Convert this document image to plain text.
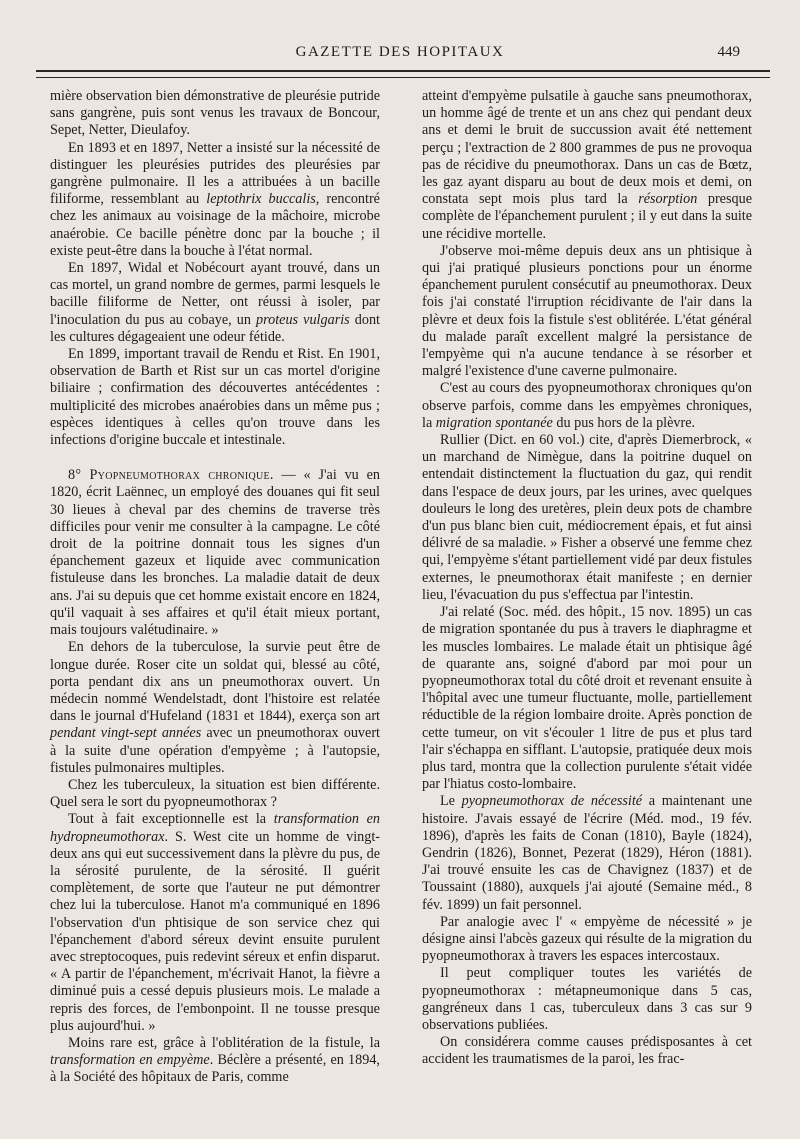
GAZETTE DES HOPITAUX	449

mière observation bien démonstrative de pleurésie putride sans gangrène, puis sont venus les travaux de Boncour, Sepet, Netter, Dieulafoy.

En 1893 et en 1897, Netter a insisté sur la nécessité de distinguer les pleurésies putrides des pleurésies par gangrène pulmonaire. Il les a attribuées à un bacille filiforme, ressemblant au leptothrix buccalis, rencontré chez les animaux au voisinage de la mâchoire, microbe anaérobie. Ce bacille pénètre donc par la bouche ; il existe peut-être dans la bouche à l'état normal.

En 1897, Widal et Nobécourt ayant trouvé, dans un cas mortel, un grand nombre de germes, parmi lesquels le bacille filiforme de Netter, ont réussi à isoler, par l'inoculation du pus au cobaye, un proteus vulgaris dont les cultures dégageaient une odeur fétide.

En 1899, important travail de Rendu et Rist. En 1901, observation de Barth et Rist sur un cas mortel d'origine biliaire ; confirmation des découvertes antécédentes : multiplicité des microbes anaérobies dans un même pus ; espèces identiques à celles qu'on trouve dans les infections d'origine buccale et intestinale.

8° Pyopneumothorax chronique. — « J'ai vu en 1820, écrit Laënnec, un employé des douanes qui fit seul 30 lieues à cheval par des chemins de traverse très difficiles pour venir me consulter à la campagne. Le côté droit de la poitrine donnait tous les signes d'un épanchement gazeux et liquide avec communication fistuleuse dans les bronches. La maladie datait de deux ans. J'ai su depuis que cet homme existait encore en 1824, qu'il vaquait à ses affaires et qu'il était mieux portant, mais toujours valétudinaire. »

En dehors de la tuberculose, la survie peut être de longue durée. Roser cite un soldat qui, blessé au côté, porta pendant dix ans un pneumothorax ouvert. Un médecin nommé Wendelstadt, dont l'histoire est relatée dans le journal d'Hufeland (1831 et 1844), exerça son art pendant vingt-sept années avec un pneumothorax ouvert à la suite d'une opération d'empyème ; à l'autopsie, fistules pulmonaires multiples.

Chez les tuberculeux, la situation est bien différente. Quel sera le sort du pyopneumothorax ?

Tout à fait exceptionnelle est la transformation en hydropneumothorax. S. West cite un homme de vingt-deux ans qui eut successivement dans la plèvre du pus, de la sérosité purulente, de la sérosité. Il guérit complètement, de sorte que l'auteur ne put démontrer chez lui la tuberculose. Hanot m'a communiqué en 1896 l'observation d'un phtisique de son service chez qui l'épanchement d'abord séreux devint ensuite purulent avec streptocoques, puis redevint séreux et enfin disparut. « A partir de l'épanchement, m'écrivait Hanot, la fièvre a diminué puis a cessé depuis plusieurs mois. Le malade a repris des forces, de l'embonpoint. Il ne tousse presque plus aujourd'hui. »

Moins rare est, grâce à l'oblitération de la fistule, la transformation en empyème. Béclère a présenté, en 1894, à la Société des hôpitaux de Paris, comme

atteint d'empyème pulsatile à gauche sans pneumothorax, un homme âgé de trente et un ans chez qui pendant deux ans et demi le bruit de succussion avait été nettement perçu ; l'extraction de 2 800 grammes de pus ne provoqua pas de récidive du pneumothorax. Dans un cas de Bœtz, les gaz ayant disparu au bout de deux mois et demi, on constata sept mois plus tard la résorption presque complète de l'épanchement purulent ; il y eut dans la suite une récidive mortelle.

J'observe moi-même depuis deux ans un phtisique à qui j'ai pratiqué plusieurs ponctions pour un énorme épanchement purulent consécutif au pneumothorax. Deux fois j'ai constaté l'irruption récidivante de l'air dans la plèvre et deux fois la fistule s'est oblitérée. L'état général du malade paraît excellent malgré la persistance de l'empyème qui n'a aucune tendance à se résorber et malgré l'existence d'une caverne pulmonaire.

C'est au cours des pyopneumothorax chroniques qu'on observe parfois, comme dans les empyèmes chroniques, la migration spontanée du pus hors de la plèvre.

Rullier (Dict. en 60 vol.) cite, d'après Diemerbrock, « un marchand de Nimègue, dans la poitrine duquel on entendait distinctement la fluctuation du gaz, qui rendit dans l'espace de deux jours, par les urines, avec quelques douleurs le long des uretères, plein deux pots de chambre d'un pus blanc bien cuit, médiocrement épais, et fut ainsi délivré de sa maladie. » Fisher a observé une femme chez qui, l'empyème s'étant partiellement vidé par deux fistules externes, le pneumothorax était manifeste ; en dernier lieu, l'évacuation du pus s'effectua par l'intestin.

J'ai relaté (Soc. méd. des hôpit., 15 nov. 1895) un cas de migration spontanée du pus à travers le diaphragme et les muscles lombaires. Le malade était un phtisique âgé de quarante ans, soigné d'abord par moi pour un pyopneumothorax total du côté droit et revenant ensuite à l'hôpital avec une tumeur fluctuante, molle, partiellement réductible de la région lombaire droite. Après ponction de cette tumeur, on vit s'écouler 1 litre de pus et plus tard l'air s'échappa en sifflant. L'autopsie, pratiquée deux mois plus tard, montra que la collection purulente s'était vidée par l'hiatus costo-lombaire.

Le pyopneumothorax de nécessité a maintenant une histoire. J'avais essayé de l'écrire (Méd. mod., 19 fév. 1896), d'après les faits de Conan (1810), Bayle (1824), Gendrin (1826), Bonnet, Pezerat (1829), Héron (1881). J'ai trouvé ensuite les cas de Chavignez (1837) et de Toussaint (1880), auxquels j'ai ajouté (Semaine méd., 8 fév. 1899) un fait personnel.

Par analogie avec l' « empyème de nécessité » je désigne ainsi l'abcès gazeux qui résulte de la migration du pyopneumothorax à travers les espaces intercostaux.

Il peut compliquer toutes les variétés de pyopneumothorax : métapneumonique dans 5 cas, gangréneux dans 1 cas, tuberculeux dans 3 cas sur 9 observations publiées.

On considérera comme causes prédisposantes à cet accident les traumatismes de la paroi, les frac-
